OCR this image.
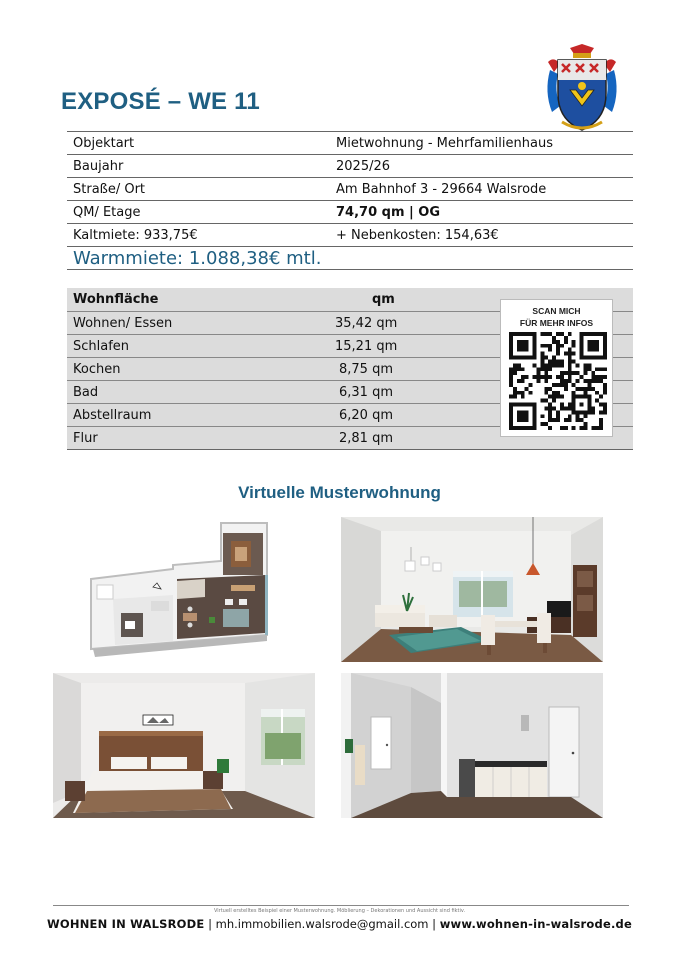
EXPOSÉ – WE 11
Objektart	Mietwohnung - Mehrfamilienhaus
Baujahr	2025/26
Straße/ Ort	Am Bahnhof 3 - 29664 Walsrode
QM/ Etage	74,70 qm | OG
Kaltmiete: 933,75€	+ Nebenkosten: 154,63€
Warmmiete: 1.088,38€ mtl.
Wohnfläche	qm
Wohnen/ Essen	35,42 qm
Schlafen	15,21 qm
Kochen	8,75 qm
Bad	6,31 qm
Abstellraum	6,20 qm
Flur	2,81 qm
SCAN MICH
FÜR MEHR INFOS
Virtuelle Musterwohnung
Virtuell erstelltes Beispiel einer Musterwohnung. Möblierung – Dekorationen und Aussicht sind fiktiv.
WOHNEN IN WALSRODE | mh.immobilien.walsrode@gmail.com | www.wohnen-in-walsrode.de
